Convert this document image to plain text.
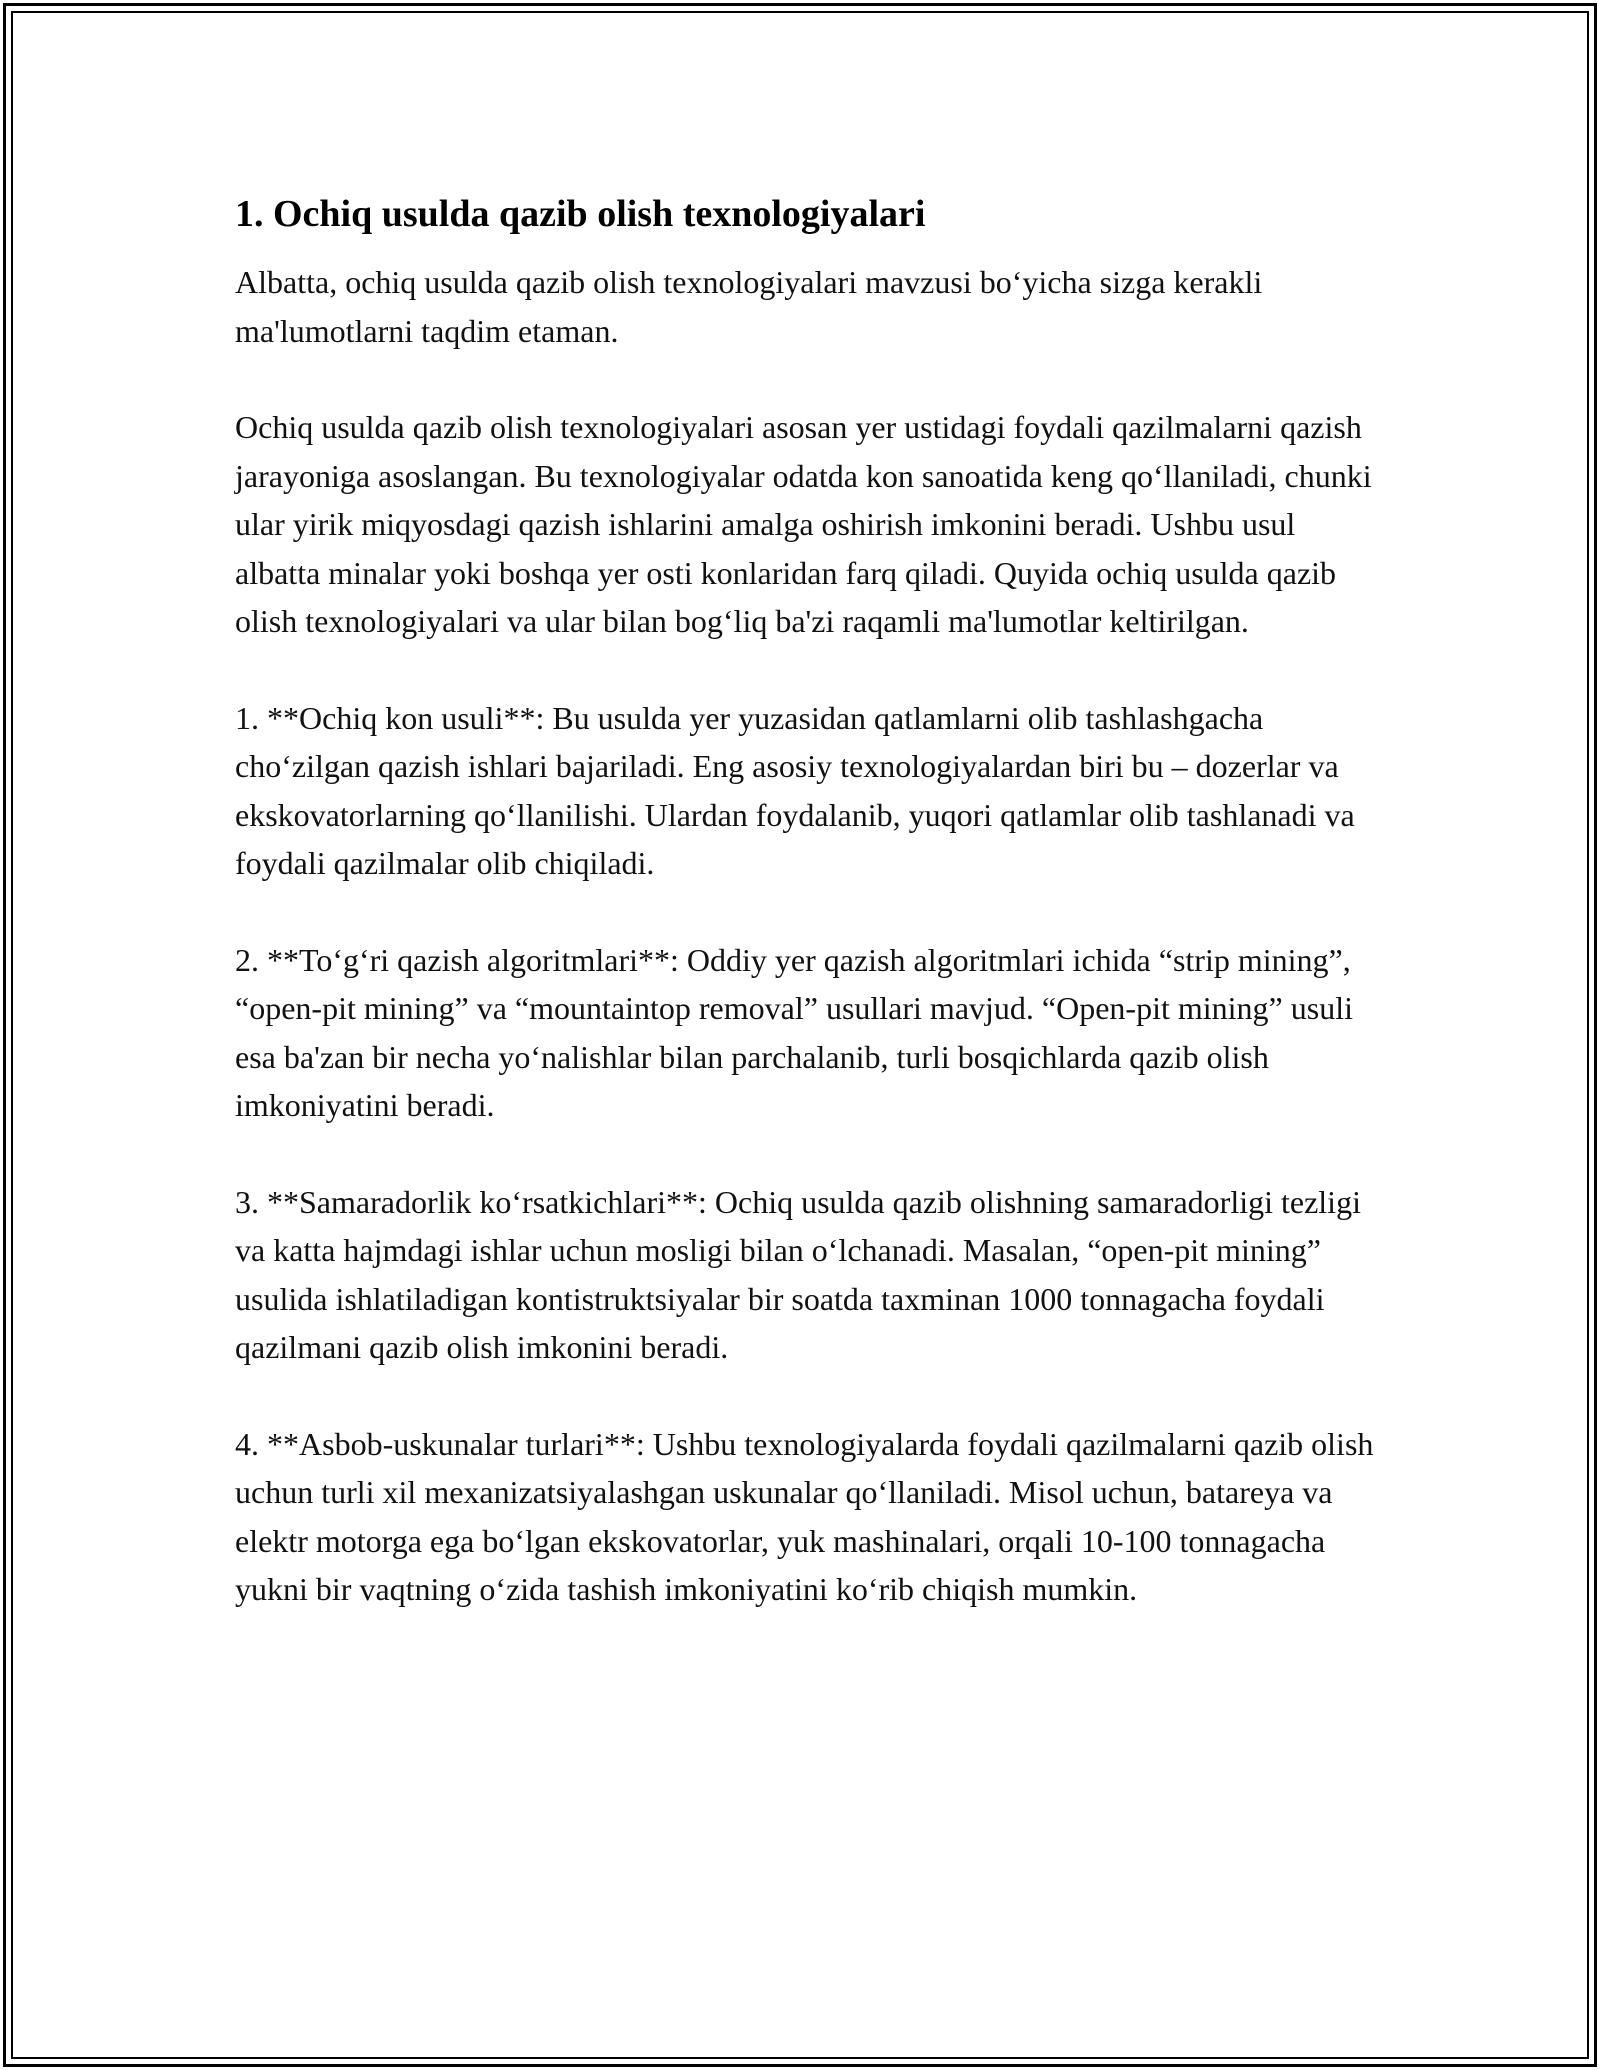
1. Ochiq usulda qazib olish texnologiyalari

Albatta, ochiq usulda qazib olish texnologiyalari mavzusi bo‘yicha sizga kerakli ma'lumotlarni taqdim etaman.

Ochiq usulda qazib olish texnologiyalari asosan yer ustidagi foydali qazilmalarni qazish jarayoniga asoslangan. Bu texnologiyalar odatda kon sanoatida keng qo‘llaniladi, chunki ular yirik miqyosdagi qazish ishlarini amalga oshirish imkonini beradi. Ushbu usul albatta minalar yoki boshqa yer osti konlaridan farq qiladi. Quyida ochiq usulda qazib olish texnologiyalari va ular bilan bog‘liq ba'zi raqamli ma'lumotlar keltirilgan.

1. **Ochiq kon usuli**: Bu usulda yer yuzasidan qatlamlarni olib tashlashgacha cho‘zilgan qazish ishlari bajariladi. Eng asosiy texnologiyalardan biri bu – dozerlar va ekskovatorlarning qo‘llanilishi. Ulardan foydalanib, yuqori qatlamlar olib tashlanadi va foydali qazilmalar olib chiqiladi.

2. **To‘g‘ri qazish algoritmlari**: Oddiy yer qazish algoritmlari ichida “strip mining”, “open-pit mining” va “mountaintop removal” usullari mavjud. “Open-pit mining” usuli esa ba'zan bir necha yo‘nalishlar bilan parchalanib, turli bosqichlarda qazib olish imkoniyatini beradi.

3. **Samaradorlik ko‘rsatkichlari**: Ochiq usulda qazib olishning samaradorligi tezligi va katta hajmdagi ishlar uchun mosligi bilan o‘lchanadi. Masalan, “open-pit mining” usulida ishlatiladigan kontistruktsiyalar bir soatda taxminan 1000 tonnagacha foydali qazilmani qazib olish imkonini beradi.

4. **Asbob-uskunalar turlari**: Ushbu texnologiyalarda foydali qazilmalarni qazib olish uchun turli xil mexanizatsiyalashgan uskunalar qo‘llaniladi. Misol uchun, batareya va elektr motorga ega bo‘lgan ekskovatorlar, yuk mashinalari, orqali 10-100 tonnagacha yukni bir vaqtning o‘zida tashish imkoniyatini ko‘rib chiqish mumkin.
